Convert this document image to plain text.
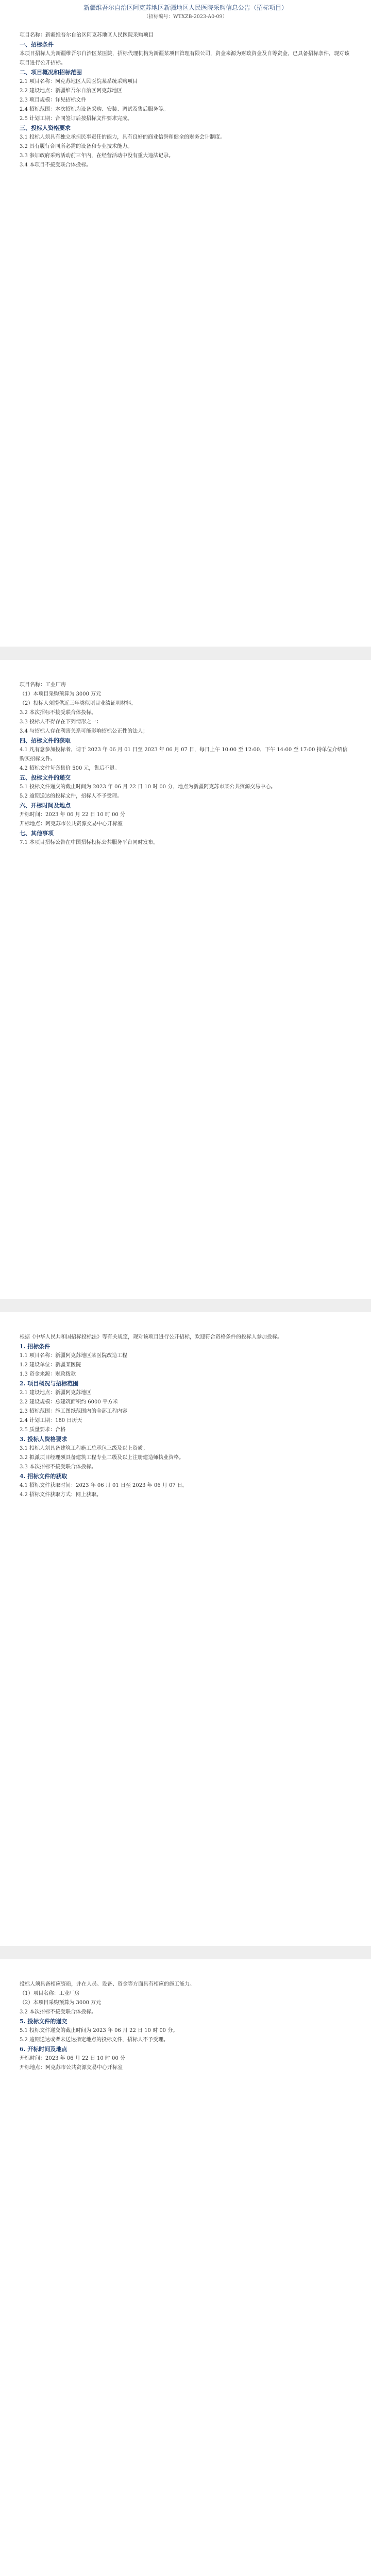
新疆维吾尔自治区阿克苏地区新疆地区人民医院采购信息公告（招标项目）
（招标编号：WTXZB-2023-A0-09）

项目名称：新疆维吾尔自治区阿克苏地区人民医院采购项目

一、招标条件

本项目招标人为新疆维吾尔自治区某医院，招标代理机构为新疆某项目管理有限公司，资金来源为财政资金及自筹资金，已具备招标条件，现对该项目进行公开招标。

二、项目概况和招标范围

2.1 项目名称：阿克苏地区人民医院某系统采购项目

2.2 建设地点：新疆维吾尔自治区阿克苏地区

2.3 项目规模：详见招标文件

2.4 招标范围：本次招标为设备采购、安装、调试及售后服务等。

2.5 计划工期：合同签订后按招标文件要求完成。

三、投标人资格要求

3.1 投标人须具有独立承担民事责任的能力，具有良好的商业信誉和健全的财务会计制度。

3.2 具有履行合同所必需的设备和专业技术能力。

3.3 参加政府采购活动前三年内，在经营活动中没有重大违法记录。

3.4 本项目不接受联合体投标。

项目名称：工业厂房

（1）本项目采购预算为 3000 万元

（2）投标人须提供近三年类似项目业绩证明材料。

3.2 本次招标不接受联合体投标。

3.3 投标人不得存在下列情形之一：

3.4 与招标人存在利害关系可能影响招标公正性的法人；

四、招标文件的获取

4.1 凡有意参加投标者，请于 2023 年 06 月 01 日至 2023 年 06 月 07 日，每日上午 10:00 至 12:00，下午 14:00 至 17:00 持单位介绍信购买招标文件。

4.2 招标文件每套售价 500 元，售后不退。

五、投标文件的递交

5.1 投标文件递交的截止时间为 2023 年 06 月 22 日 10 时 00 分，地点为新疆阿克苏市某公共资源交易中心。

5.2 逾期送达的投标文件，招标人不予受理。

六、开标时间及地点

开标时间：2023 年 06 月 22 日 10 时 00 分

开标地点：阿克苏市公共资源交易中心开标室

七、其他事项

7.1 本项目招标公告在中国招标投标公共服务平台同时发布。

根据《中华人民共和国招标投标法》等有关规定，现对该项目进行公开招标，欢迎符合资格条件的投标人参加投标。

1. 招标条件

1.1 项目名称：新疆阿克苏地区某医院改造工程

1.2 建设单位：新疆某医院

1.3 资金来源：财政拨款

2. 项目概况与招标范围

2.1 建设地点：新疆阿克苏地区

2.2 建设规模：总建筑面积约 6000 平方米

2.3 招标范围：施工图纸范围内的全部工程内容

2.4 计划工期：180 日历天

2.5 质量要求：合格

3. 投标人资格要求

3.1 投标人须具备建筑工程施工总承包三级及以上资质。

3.2 拟派项目经理须具备建筑工程专业二级及以上注册建造师执业资格。

3.3 本次招标不接受联合体投标。

4. 招标文件的获取

4.1 招标文件获取时间：2023 年 06 月 01 日至 2023 年 06 月 07 日。

4.2 招标文件获取方式：网上获取。

投标人须具备相应资质，并在人员、设备、资金等方面具有相应的施工能力。

（1）项目名称：工业厂房

（2）本项目采购预算为 3000 万元

3.2 本次招标不接受联合体投标。

5. 投标文件的递交

5.1 投标文件递交的截止时间为 2023 年 06 月 22 日 10 时 00 分。

5.2 逾期送达或者未送达指定地点的投标文件，招标人不予受理。

6. 开标时间及地点

开标时间：2023 年 06 月 22 日 10 时 00 分

开标地点：阿克苏市公共资源交易中心开标室
